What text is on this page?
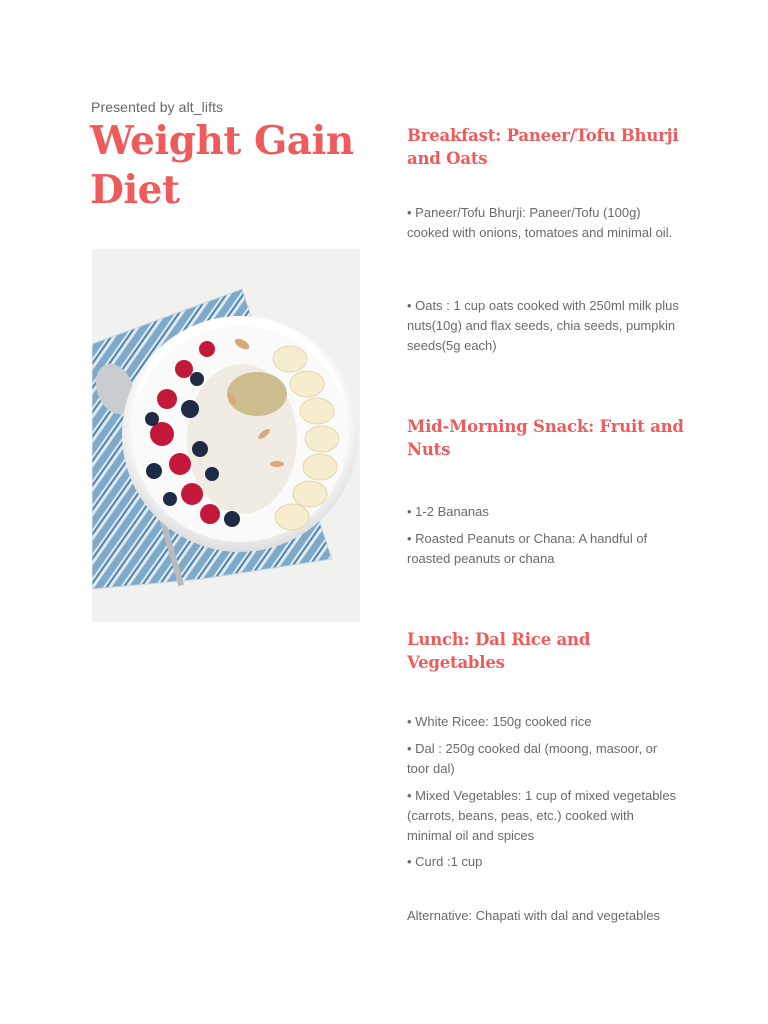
Presented by alt_lifts
Weight Gain Diet
Breakfast: Paneer/Tofu Bhurji and Oats
• Paneer/Tofu Bhurji: Paneer/Tofu (100g) cooked with onions, tomatoes and minimal oil.
• Oats : 1 cup oats cooked with 250ml milk plus nuts(10g) and flax seeds, chia seeds, pumpkin seeds(5g each)
Mid-Morning Snack: Fruit and Nuts
• 1-2 Bananas
• Roasted Peanuts or Chana: A handful of roasted peanuts or chana
Lunch: Dal Rice and Vegetables
• White Ricee: 150g cooked rice
• Dal : 250g cooked dal (moong, masoor, or toor dal)
• Mixed Vegetables: 1 cup of mixed vegetables (carrots, beans, peas, etc.) cooked with minimal oil and spices
• Curd :1 cup
Alternative: Chapati with dal and vegetables
